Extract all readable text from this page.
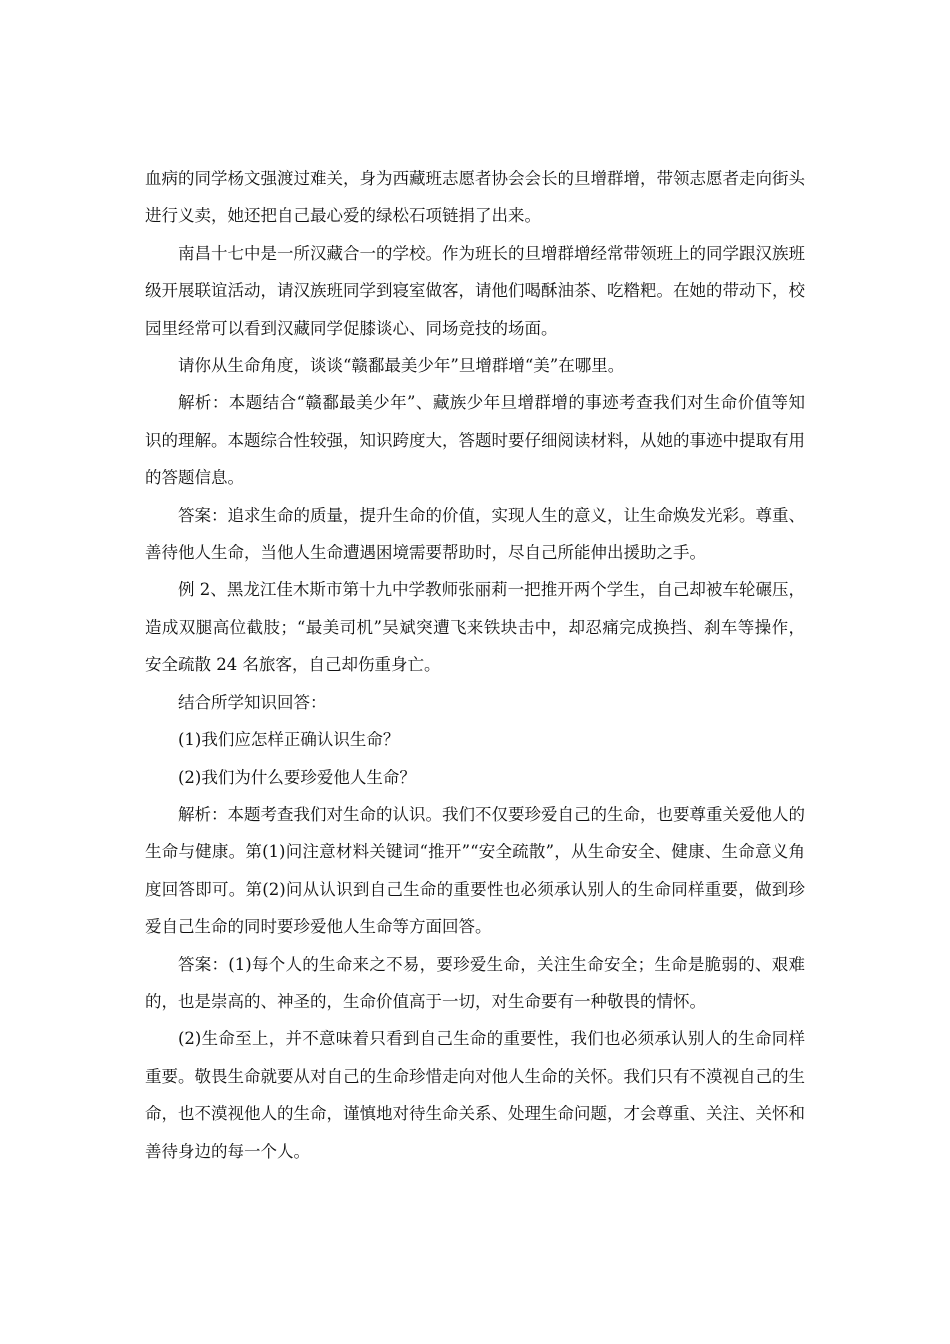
血病的同学杨文强渡过难关，身为西藏班志愿者协会会长的旦增群增，带领志愿者走向街头进行义卖，她还把自己最心爱的绿松石项链捐了出来。

南昌十七中是一所汉藏合一的学校。作为班长的旦增群增经常带领班上的同学跟汉族班级开展联谊活动，请汉族班同学到寝室做客，请他们喝酥油茶、吃糌粑。在她的带动下，校园里经常可以看到汉藏同学促膝谈心、同场竞技的场面。

请你从生命角度，谈谈“赣鄱最美少年”旦增群增“美”在哪里。

解析：本题结合“赣鄱最美少年”、藏族少年旦增群增的事迹考查我们对生命价值等知识的理解。本题综合性较强，知识跨度大，答题时要仔细阅读材料，从她的事迹中提取有用的答题信息。

答案：追求生命的质量，提升生命的价值，实现人生的意义，让生命焕发光彩。尊重、善待他人生命，当他人生命遭遇困境需要帮助时，尽自己所能伸出援助之手。

例 2、黑龙江佳木斯市第十九中学教师张丽莉一把推开两个学生，自己却被车轮碾压，造成双腿高位截肢；“最美司机”吴斌突遭飞来铁块击中，却忍痛完成换挡、刹车等操作，安全疏散 24 名旅客，自己却伤重身亡。

结合所学知识回答：

(1)我们应怎样正确认识生命？

(2)我们为什么要珍爱他人生命？

解析：本题考查我们对生命的认识。我们不仅要珍爱自己的生命，也要尊重关爱他人的生命与健康。第(1)问注意材料关键词“推开”“安全疏散”，从生命安全、健康、生命意义角度回答即可。第(2)问从认识到自己生命的重要性也必须承认别人的生命同样重要，做到珍爱自己生命的同时要珍爱他人生命等方面回答。

答案：(1)每个人的生命来之不易，要珍爱生命，关注生命安全；生命是脆弱的、艰难的，也是崇高的、神圣的，生命价值高于一切，对生命要有一种敬畏的情怀。

(2)生命至上，并不意味着只看到自己生命的重要性，我们也必须承认别人的生命同样重要。敬畏生命就要从对自己的生命珍惜走向对他人生命的关怀。我们只有不漠视自己的生命，也不漠视他人的生命，谨慎地对待生命关系、处理生命问题，才会尊重、关注、关怀和善待身边的每一个人。
